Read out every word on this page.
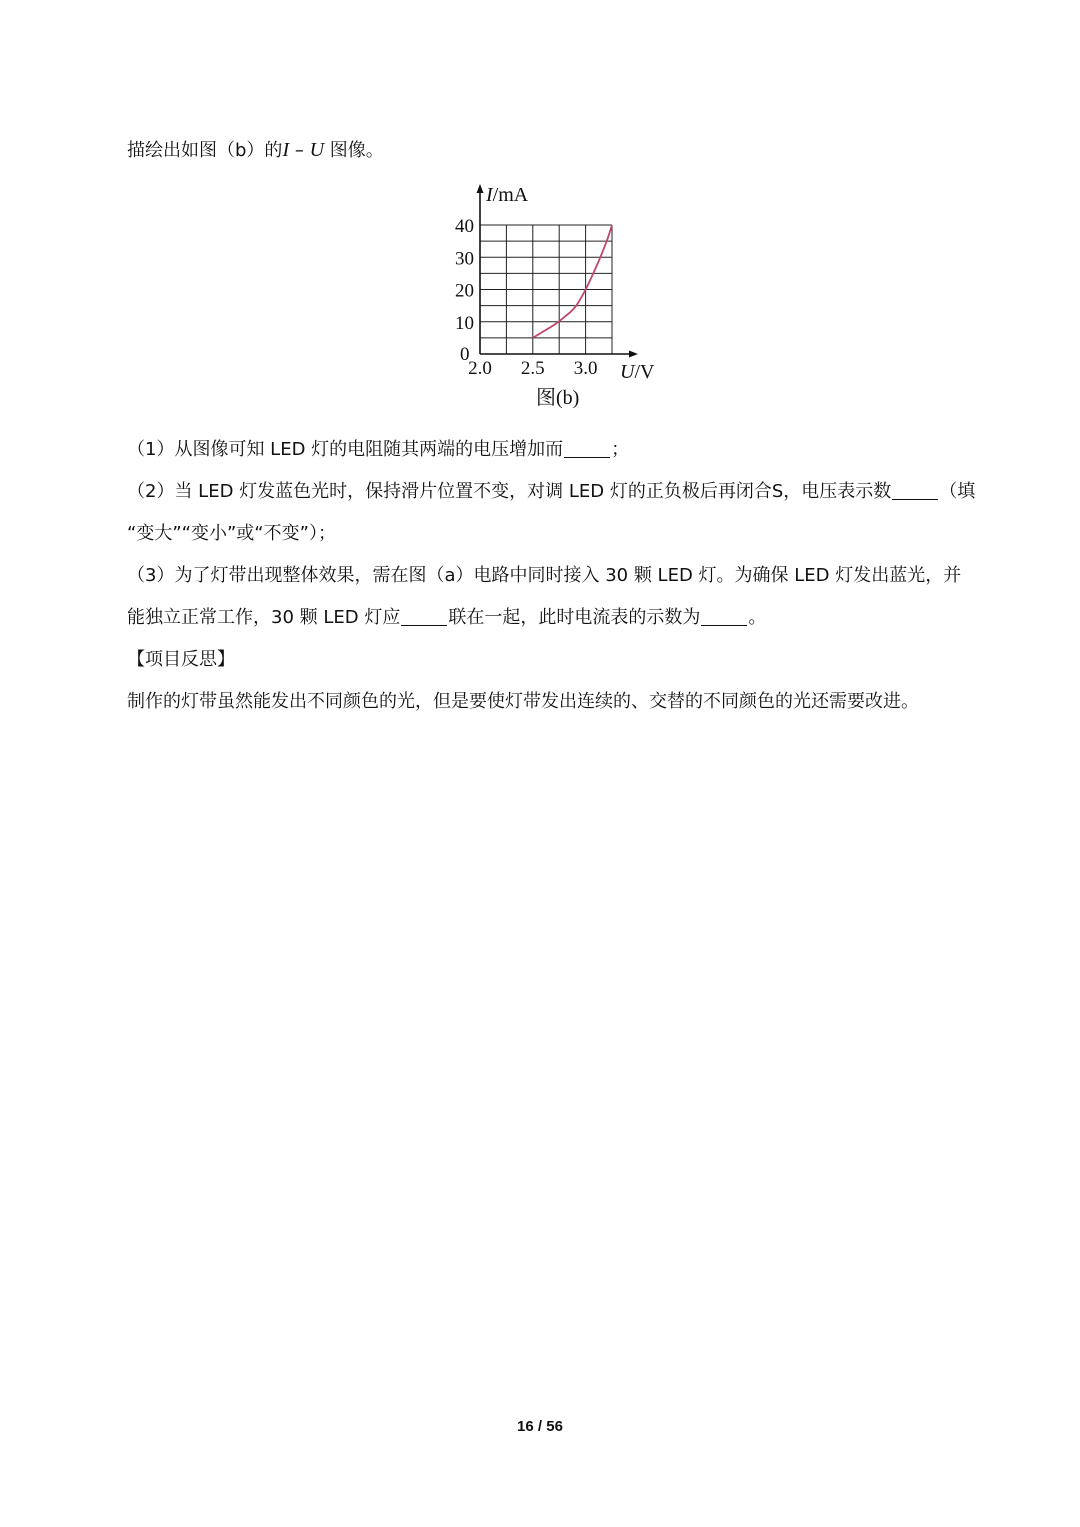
描绘出如图（b）的I – U 图像。
I/mA
U/V
0
图(b)
40
30
20
10
2.0 2.5 3.0
（1）从图像可知 LED 灯的电阻随其两端的电压增加而	；
（2）当 LED 灯发蓝色光时，保持滑片位置不变，对调 LED 灯的正负极后再闭合S，电压表示数	（填
“变大”“变小”或“不变”）；
（3）为了灯带出现整体效果，需在图（a）电路中同时接入 30 颗 LED 灯。为确保 LED 灯发出蓝光，并
能独立正常工作，30 颗 LED 灯应	联在一起，此时电流表的示数为	。
【项目反思】
制作的灯带虽然能发出不同颜色的光，但是要使灯带发出连续的、交替的不同颜色的光还需要改进。
16 / 56
